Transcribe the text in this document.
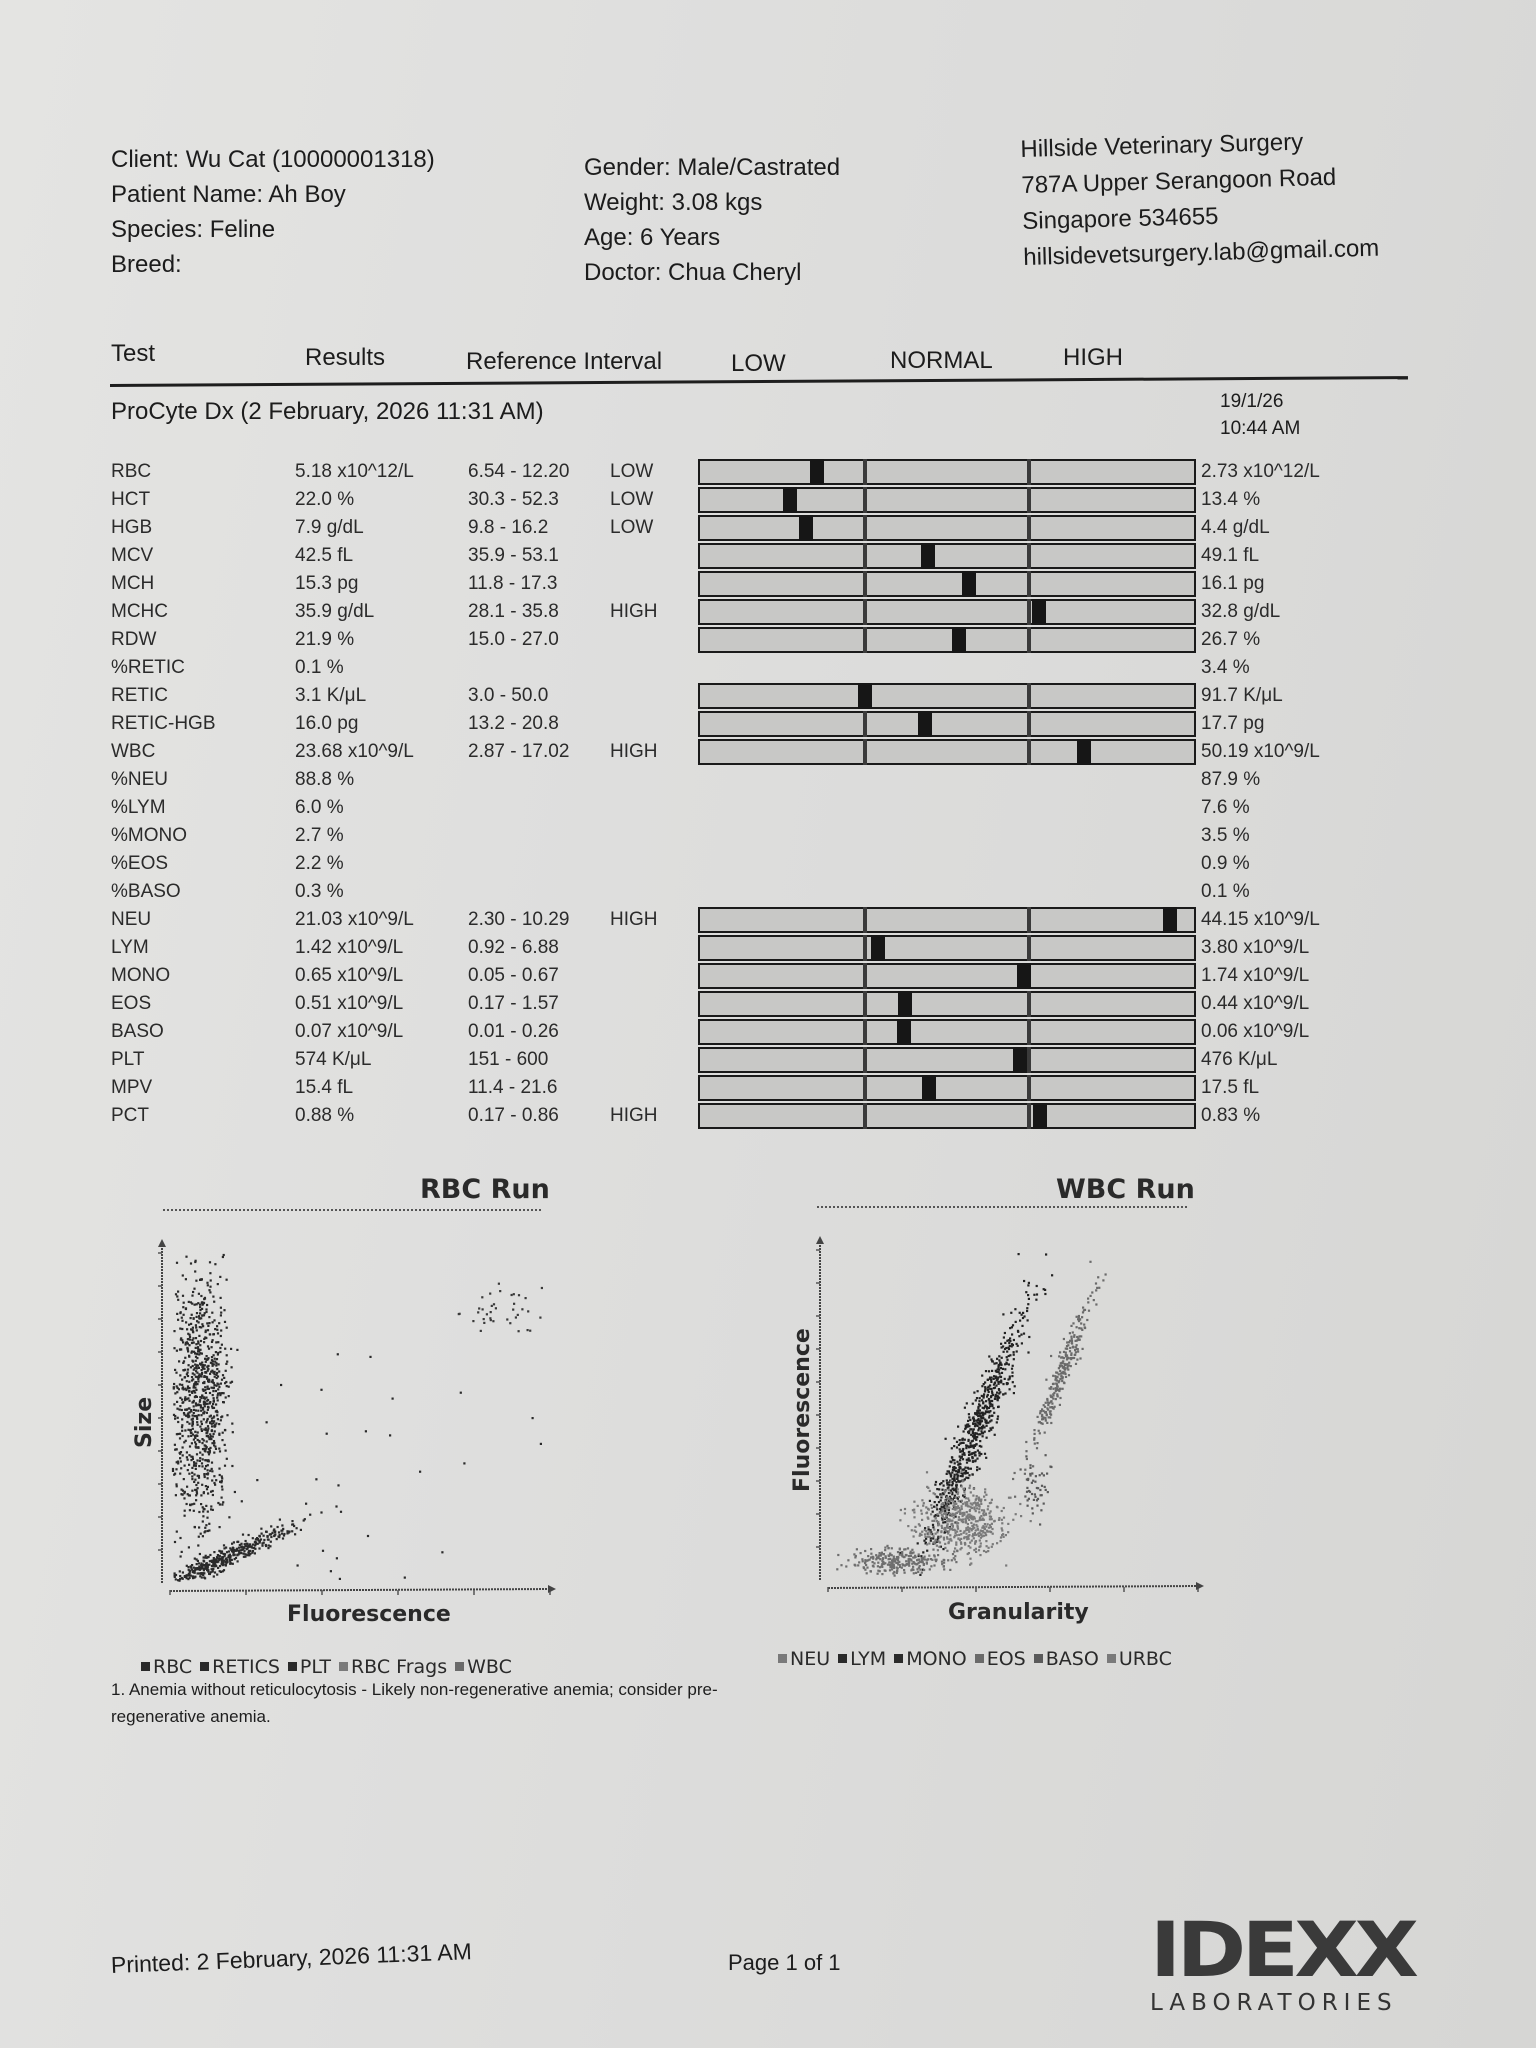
Client: Wu Cat (10000001318)
Patient Name: Ah Boy
Species: Feline
Breed:
Gender: Male/Castrated
Weight: 3.08 kgs
Age: 6 Years
Doctor: Chua Cheryl
Hillside Veterinary Surgery
787A Upper Serangoon Road
Singapore 534655
hillsidevetsurgery.lab@gmail.com
Test	Results	Reference Interval	LOW	NORMAL	HIGH
ProCyte Dx (2 February, 2026 11:31 AM)	19/1/26
10:44 AM
RBC	5.18 x10^12/L	6.54 - 12.20 LOW	2.73 x10^12/L
HCT	22.0 %	30.3 - 52.3	LOW	13.4 %
HGB	7.9 g/dL	9.8 - 16.2	LOW	4.4 g/dL
MCV	42.5 fL	35.9 - 53.1	49.1 fL
MCH	15.3 pg	11.8 - 17.3	16.1 pg
MCHC	35.9 g/dL	28.1 - 35.8	HIGH	32.8 g/dL
RDW	21.9 %	15.0 - 27.0	26.7 %
%RETIC	0.1 %	3.4 %
RETIC	3.1 K/μL	3.0 - 50.0	91.7 K/μL
RETIC-HGB	16.0 pg	13.2 - 20.8	17.7 pg
WBC	23.68 x10^9/L	2.87 - 17.02 HIGH	50.19 x10^9/L
%NEU	88.8 %	87.9 %
%LYM	6.0 %	7.6 %
%MONO	2.7 %	3.5 %
%EOS	2.2 %	0.9 %
%BASO	0.3 %	0.1 %
NEU	21.03 x10^9/L	2.30 - 10.29 HIGH	44.15 x10^9/L
LYM	1.42 x10^9/L	0.92 - 6.88	3.80 x10^9/L
MONO	0.65 x10^9/L	0.05 - 0.67	1.74 x10^9/L
EOS	0.51 x10^9/L	0.17 - 1.57	0.44 x10^9/L
BASO	0.07 x10^9/L	0.01 - 0.26	0.06 x10^9/L
PLT	574 K/μL	151 - 600	476 K/μL
MPV	15.4 fL	11.4 - 21.6	17.5 fL
PCT	0.88 %	0.17 - 0.86	HIGH	0.83 %
RBC Run
Fluorescence
Size
RBC RETICS PLT RBC Frags WBC
WBC Run
Granularity
Fluorescence
NEU LYM MONO EOS BASO URBC
1. Anemia without reticulocytosis - Likely non-regenerative anemia; consider pre-regenerative anemia.
Printed: 2 February, 2026 11:31 AM	Page 1 of 1	IDEXX
LABORATORIES
